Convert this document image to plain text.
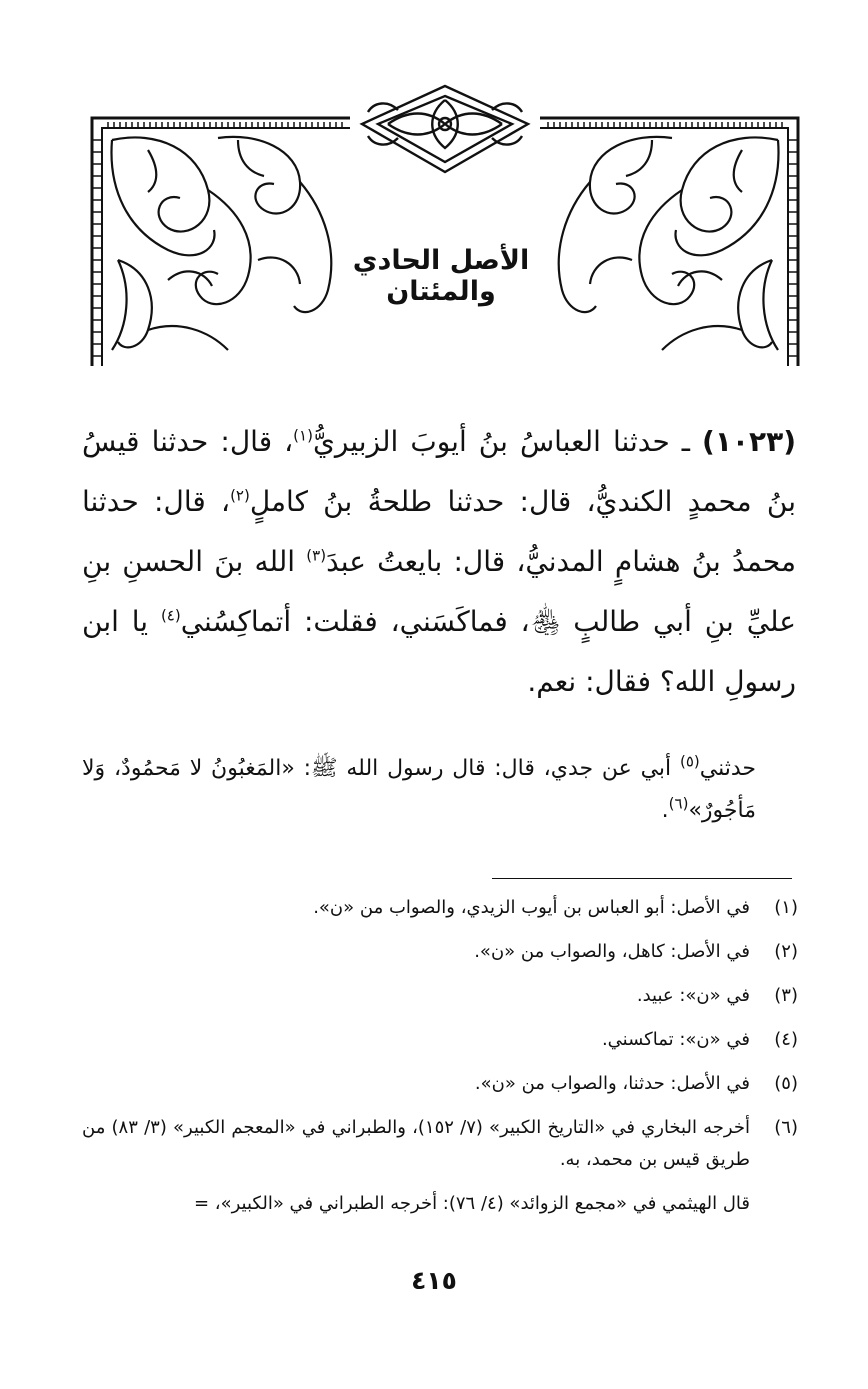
الأصل الحادي والمئتان
(١٠٢٣) ـ حدثنا العباسُ بنُ أيوبَ الزبيريُّ$^{(١)}$، قال: حدثنا قيسُ بنُ محمدٍ الكنديُّ، قال: حدثنا طلحةُ بنُ كاملٍ$^{(٢)}$، قال: حدثنا محمدُ بنُ هشامٍ المدنيُّ، قال: بايعتُ عبدَ$^{(٣)}$ الله بنَ الحسنِ بنِ عليِّ بنِ أبي طالبٍ ﵃، فماكَسَني، فقلت: أتماكِسُني$^{(٤)}$ يا ابن رسولِ الله؟ فقال: نعم.
حدثني$^{(٥)}$ أبي عن جدي، قال: قال رسول الله ﷺ: «المَغبُونُ لا مَحمُودٌ، وَلا مَأجُورٌ»$^{(٦)}$.
(١)
في الأصل: أبو العباس بن أيوب الزيدي، والصواب من «ن».
(٢)
في الأصل: كاهل، والصواب من «ن».
(٣)
في «ن»: عبيد.
(٤)
في «ن»: تماكسني.
(٥)
في الأصل: حدثنا، والصواب من «ن».
(٦)
أخرجه البخاري في «التاريخ الكبير» (٧/ ١٥٢)، والطبراني في «المعجم الكبير» (٣/ ٨٣) من طريق قيس بن محمد، به.
قال الهيثمي في «مجمع الزوائد» (٤/ ٧٦): أخرجه الطبراني في «الكبير»، =
٤١٥
